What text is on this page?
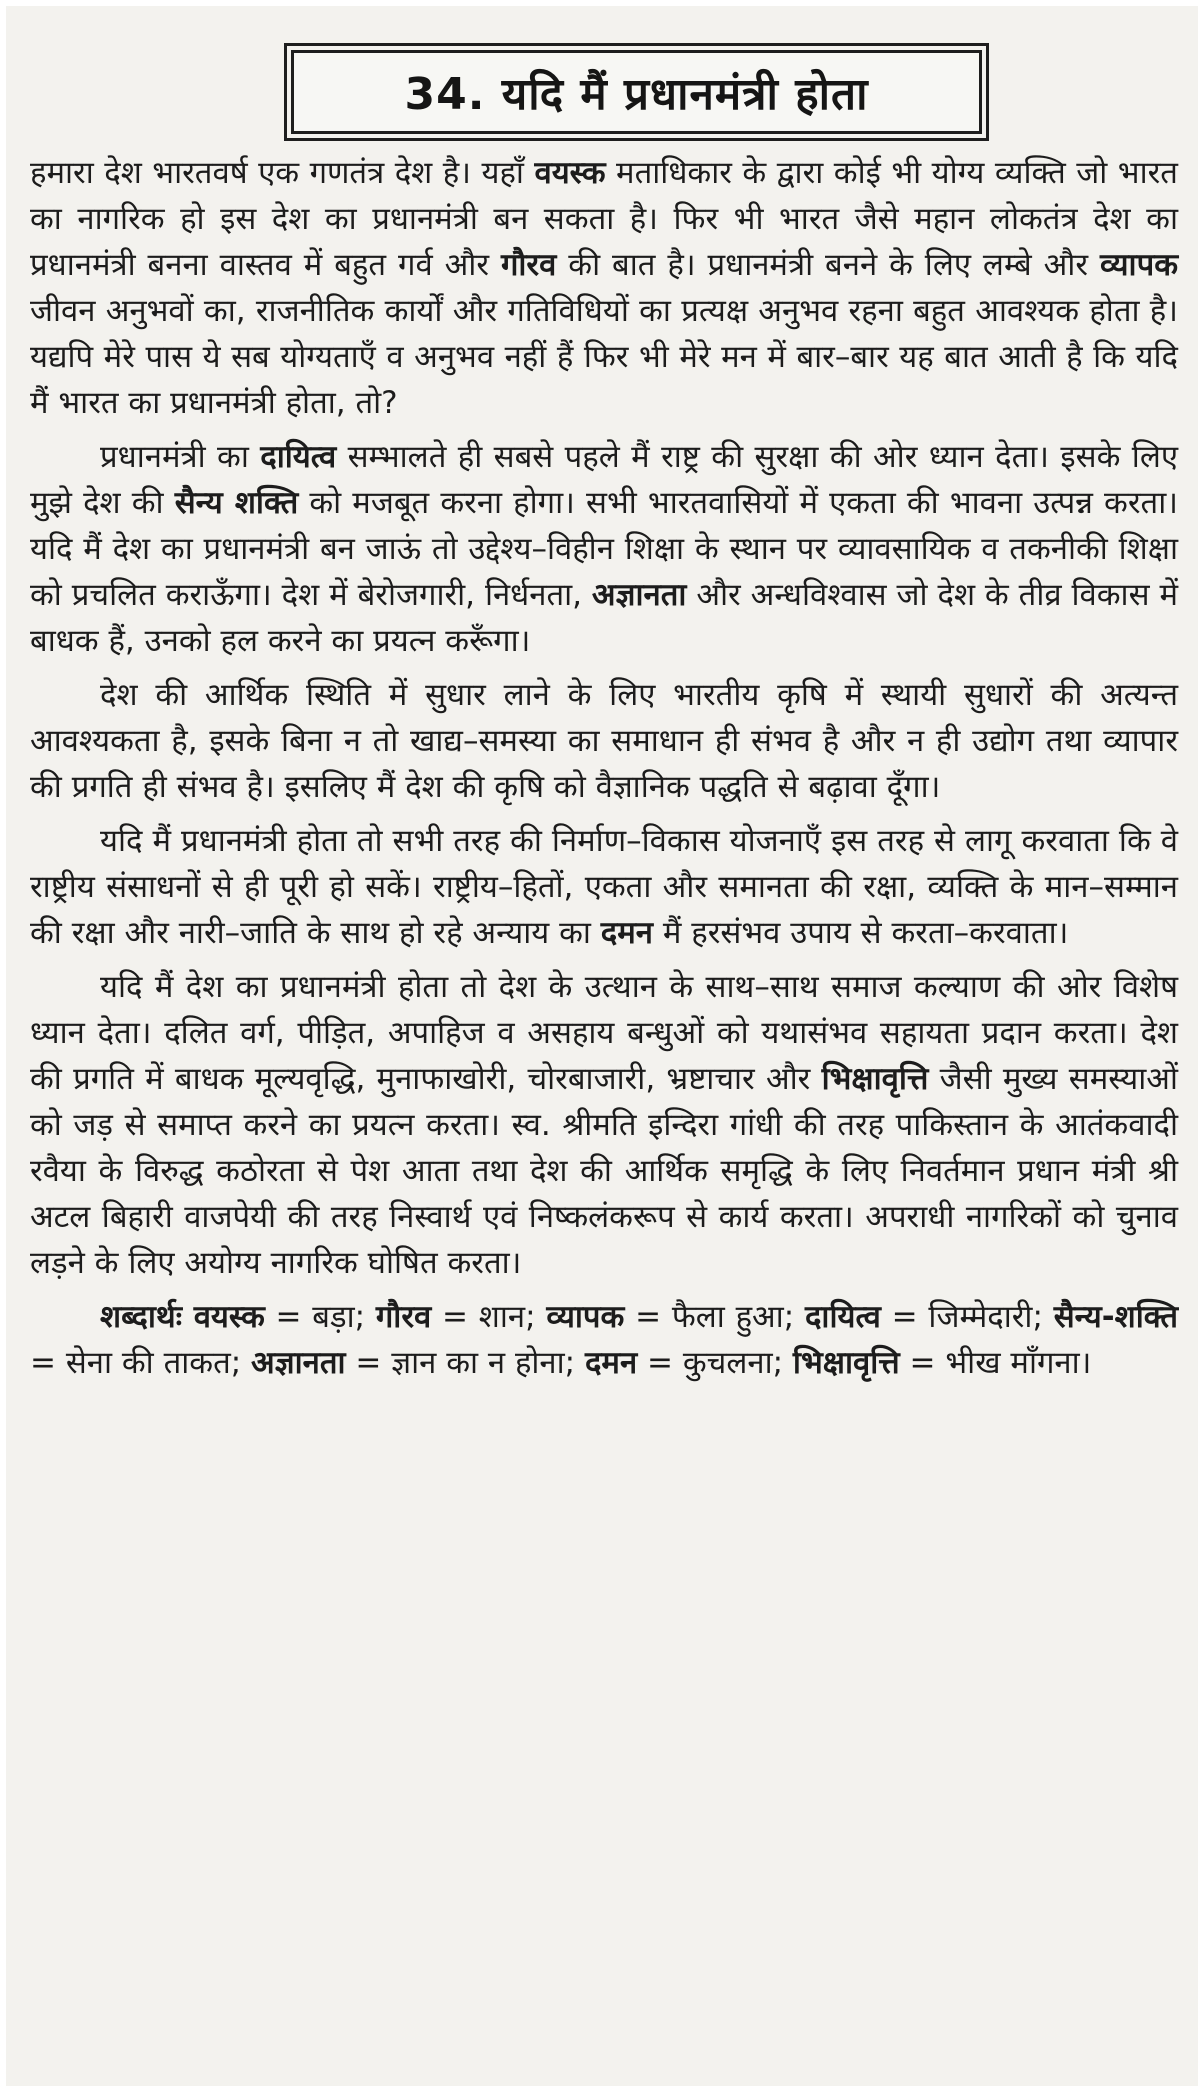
34. यदि मैं प्रधानमंत्री होता

हमारा देश भारतवर्ष एक गणतंत्र देश है। यहाँ वयस्क मताधिकार के द्वारा कोई भी योग्य व्यक्ति जो भारत का नागरिक हो इस देश का प्रधानमंत्री बन सकता है। फिर भी भारत जैसे महान लोकतंत्र देश का प्रधानमंत्री बनना वास्तव में बहुत गर्व और गौरव की बात है। प्रधानमंत्री बनने के लिए लम्बे और व्यापक जीवन अनुभवों का, राजनीतिक कार्यों और गतिविधियों का प्रत्यक्ष अनुभव रहना बहुत आवश्यक होता है। यद्यपि मेरे पास ये सब योग्यताएँ व अनुभव नहीं हैं फिर भी मेरे मन में बार–बार यह बात आती है कि यदि मैं भारत का प्रधानमंत्री होता, तो?

प्रधानमंत्री का दायित्व सम्भालते ही सबसे पहले मैं राष्ट्र की सुरक्षा की ओर ध्यान देता। इसके लिए मुझे देश की सैन्य शक्ति को मजबूत करना होगा। सभी भारतवासियों में एकता की भावना उत्पन्न करता। यदि मैं देश का प्रधानमंत्री बन जाऊं तो उद्देश्य–विहीन शिक्षा के स्थान पर व्यावसायिक व तकनीकी शिक्षा को प्रचलित कराऊँगा। देश में बेरोजगारी, निर्धनता, अज्ञानता और अन्धविश्वास जो देश के तीव्र विकास में बाधक हैं, उनको हल करने का प्रयत्न करूँगा।

देश की आर्थिक स्थिति में सुधार लाने के लिए भारतीय कृषि में स्थायी सुधारों की अत्यन्त आवश्यकता है, इसके बिना न तो खाद्य–समस्या का समाधान ही संभव है और न ही उद्योग तथा व्यापार की प्रगति ही संभव है। इसलिए मैं देश की कृषि को वैज्ञानिक पद्धति से बढ़ावा दूँगा।

यदि मैं प्रधानमंत्री होता तो सभी तरह की निर्माण–विकास योजनाएँ इस तरह से लागू करवाता कि वे राष्ट्रीय संसाधनों से ही पूरी हो सकें। राष्ट्रीय–हितों, एकता और समानता की रक्षा, व्यक्ति के मान–सम्मान की रक्षा और नारी–जाति के साथ हो रहे अन्याय का दमन मैं हरसंभव उपाय से करता–करवाता।

यदि मैं देश का प्रधानमंत्री होता तो देश के उत्थान के साथ–साथ समाज कल्याण की ओर विशेष ध्यान देता। दलित वर्ग, पीड़ित, अपाहिज व असहाय बन्धुओं को यथासंभव सहायता प्रदान करता। देश की प्रगति में बाधक मूल्यवृद्धि, मुनाफाखोरी, चोरबाजारी, भ्रष्टाचार और भिक्षावृत्ति जैसी मुख्य समस्याओं को जड़ से समाप्त करने का प्रयत्न करता। स्व. श्रीमति इन्दिरा गांधी की तरह पाकिस्तान के आतंकवादी रवैया के विरुद्ध कठोरता से पेश आता तथा देश की आर्थिक समृद्धि के लिए निवर्तमान प्रधान मंत्री श्री अटल बिहारी वाजपेयी की तरह निस्वार्थ एवं निष्कलंकरूप से कार्य करता। अपराधी नागरिकों को चुनाव लड़ने के लिए अयोग्य नागरिक घोषित करता।

शब्दार्थः वयस्क = बड़ा; गौरव = शान; व्यापक = फैला हुआ; दायित्व = जिम्मेदारी; सैन्य-शक्ति = सेना की ताकत; अज्ञानता = ज्ञान का न होना; दमन = कुचलना; भिक्षावृत्ति = भीख माँगना।
